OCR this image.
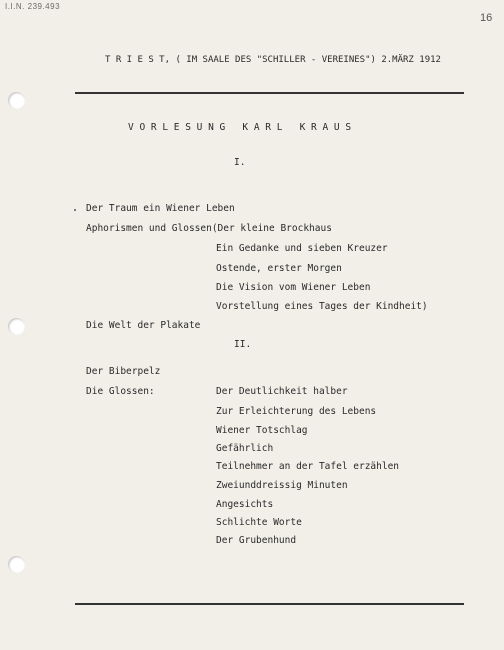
I.I.N. 239.493
16
T R I E S T, ( IM SAALE DES "SCHILLER - VEREINES") 2.MÄRZ 1912
V O R L E S U N G   K A R L   K R A U S
I.
Der Traum ein Wiener Leben
Aphorismen und Glossen(Der kleine Brockhaus
Ein Gedanke und sieben Kreuzer
Ostende, erster Morgen
Die Vision vom Wiener Leben
Vorstellung eines Tages der Kindheit)
Die Welt der Plakate
II.
Der Biberpelz
Die Glossen:	Der Deutlichkeit halber
Zur Erleichterung des Lebens
Wiener Totschlag
Gefährlich
Teilnehmer an der Tafel erzählen
Zweiunddreissig Minuten
Angesichts
Schlichte Worte
Der Grubenhund
